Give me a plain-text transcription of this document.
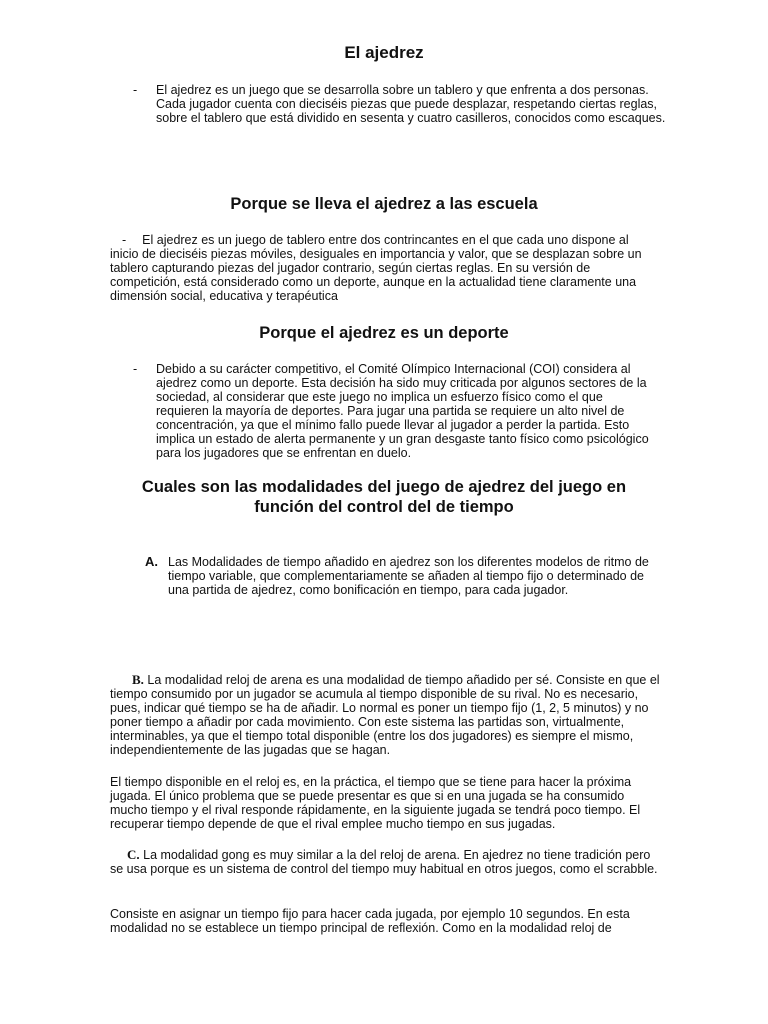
El ajedrez
- El ajedrez es un juego que se desarrolla sobre un tablero y que enfrenta a dos personas. Cada jugador cuenta con dieciséis piezas que puede desplazar, respetando ciertas reglas, sobre el tablero que está dividido en sesenta y cuatro casilleros, conocidos como escaques.
Porque se lleva el ajedrez a las escuela
- El ajedrez es un juego de tablero entre dos contrincantes en el que cada uno dispone al
inicio de dieciséis piezas móviles, desiguales en importancia y valor, que se desplazan sobre un tablero capturando piezas del jugador contrario, según ciertas reglas. En su versión de competición, está considerado como un deporte, aunque en la actualidad tiene claramente una dimensión social, educativa y terapéutica
Porque el ajedrez es un deporte
- Debido a su carácter competitivo, el Comité Olímpico Internacional (COI) considera al ajedrez como un deporte. Esta decisión ha sido muy criticada por algunos sectores de la sociedad, al considerar que este juego no implica un esfuerzo físico como el que requieren la mayoría de deportes. Para jugar una partida se requiere un alto nivel de concentración, ya que el mínimo fallo puede llevar al jugador a perder la partida. Esto implica un estado de alerta permanente y un gran desgaste tanto físico como psicológico para los jugadores que se enfrentan en duelo.
Cuales son las modalidades del juego de ajedrez del juego en
función del control del de tiempo
A. Las Modalidades de tiempo añadido en ajedrez son los diferentes modelos de ritmo de tiempo variable, que complementariamente se añaden al tiempo fijo o determinado de una partida de ajedrez, como bonificación en tiempo, para cada jugador.

B. La modalidad reloj de arena es una modalidad de tiempo añadido per sé. Consiste en que el tiempo consumido por un jugador se acumula al tiempo disponible de su rival. No es necesario, pues, indicar qué tiempo se ha de añadir. Lo normal es poner un tiempo fijo (1, 2, 5 minutos) y no poner tiempo a añadir por cada movimiento. Con este sistema las partidas son, virtualmente, interminables, ya que el tiempo total disponible (entre los dos jugadores) es siempre el mismo, independientemente de las jugadas que se hagan.

El tiempo disponible en el reloj es, en la práctica, el tiempo que se tiene para hacer la próxima jugada. El único problema que se puede presentar es que si en una jugada se ha consumido mucho tiempo y el rival responde rápidamente, en la siguiente jugada se tendrá poco tiempo. El recuperar tiempo depende de que el rival emplee mucho tiempo en sus jugadas.

C. La modalidad gong es muy similar a la del reloj de arena. En ajedrez no tiene tradición pero se usa porque es un sistema de control del tiempo muy habitual en otros juegos, como el scrabble.

Consiste en asignar un tiempo fijo para hacer cada jugada, por ejemplo 10 segundos. En esta modalidad no se establece un tiempo principal de reflexión. Como en la modalidad reloj de
